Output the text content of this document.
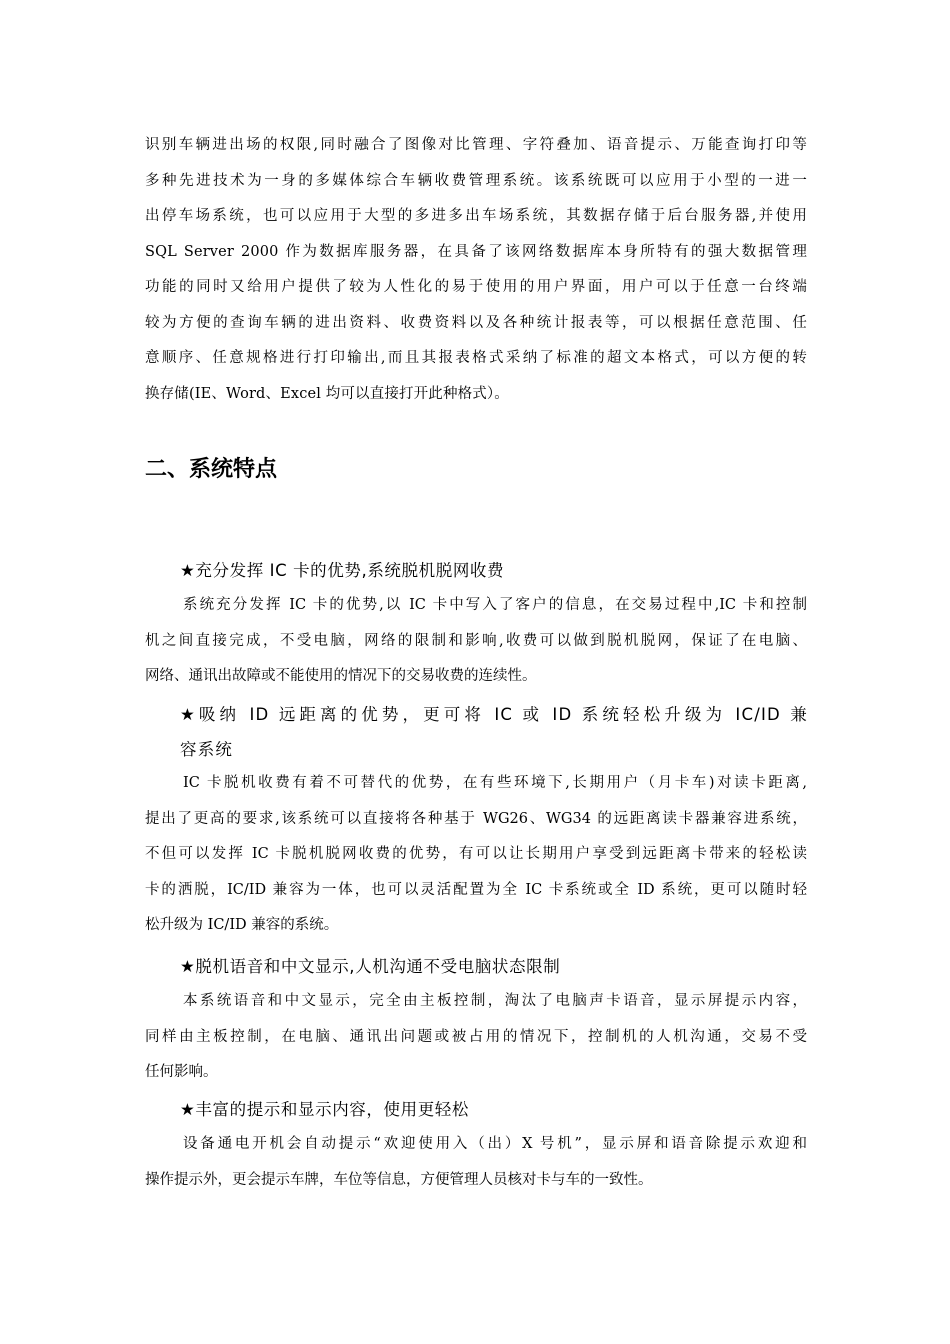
识别车辆进出场的权限,同时融合了图像对比管理、字符叠加、语音提示、万能查询打印等
多种先进技术为一身的多媒体综合车辆收费管理系统。该系统既可以应用于小型的一进一
出停车场系统，也可以应用于大型的多进多出车场系统，其数据存储于后台服务器,并使用
SQL Server 2000 作为数据库服务器，在具备了该网络数据库本身所特有的强大数据管理
功能的同时又给用户提供了较为人性化的易于使用的用户界面，用户可以于任意一台终端
较为方便的查询车辆的进出资料、收费资料以及各种统计报表等，可以根据任意范围、任
意顺序、任意规格进行打印输出,而且其报表格式采纳了标准的超文本格式，可以方便的转
换存储(IE、Word、Excel 均可以直接打开此种格式）。
二、系统特点

★充分发挥 IC 卡的优势,系统脱机脱网收费

系统充分发挥 IC 卡的优势,以 IC 卡中写入了客户的信息，在交易过程中,IC 卡和控制
机之间直接完成，不受电脑，网络的限制和影响,收费可以做到脱机脱网，保证了在电脑、
网络、通讯出故障或不能使用的情况下的交易收费的连续性。
★吸纳 ID 远距离的优势，更可将 IC 或 ID 系统轻松升级为 IC/ID 兼
容系统
IC 卡脱机收费有着不可替代的优势，在有些环境下,长期用户（月卡车)对读卡距离,
提出了更高的要求,该系统可以直接将各种基于 WG26、WG34 的远距离读卡器兼容进系统，
不但可以发挥 IC 卡脱机脱网收费的优势，有可以让长期用户享受到远距离卡带来的轻松读
卡的洒脱，IC/ID 兼容为一体，也可以灵活配置为全 IC 卡系统或全 ID 系统，更可以随时轻
松升级为 IC/ID 兼容的系统。

★脱机语音和中文显示,人机沟通不受电脑状态限制

本系统语音和中文显示，完全由主板控制，淘汰了电脑声卡语音，显示屏提示内容，
同样由主板控制，在电脑、通讯出问题或被占用的情况下，控制机的人机沟通，交易不受
任何影响。

★丰富的提示和显示内容，使用更轻松

设备通电开机会自动提示“欢迎使用入（出）X 号机”，显示屏和语音除提示欢迎和
操作提示外，更会提示车牌，车位等信息，方便管理人员核对卡与车的一致性。
